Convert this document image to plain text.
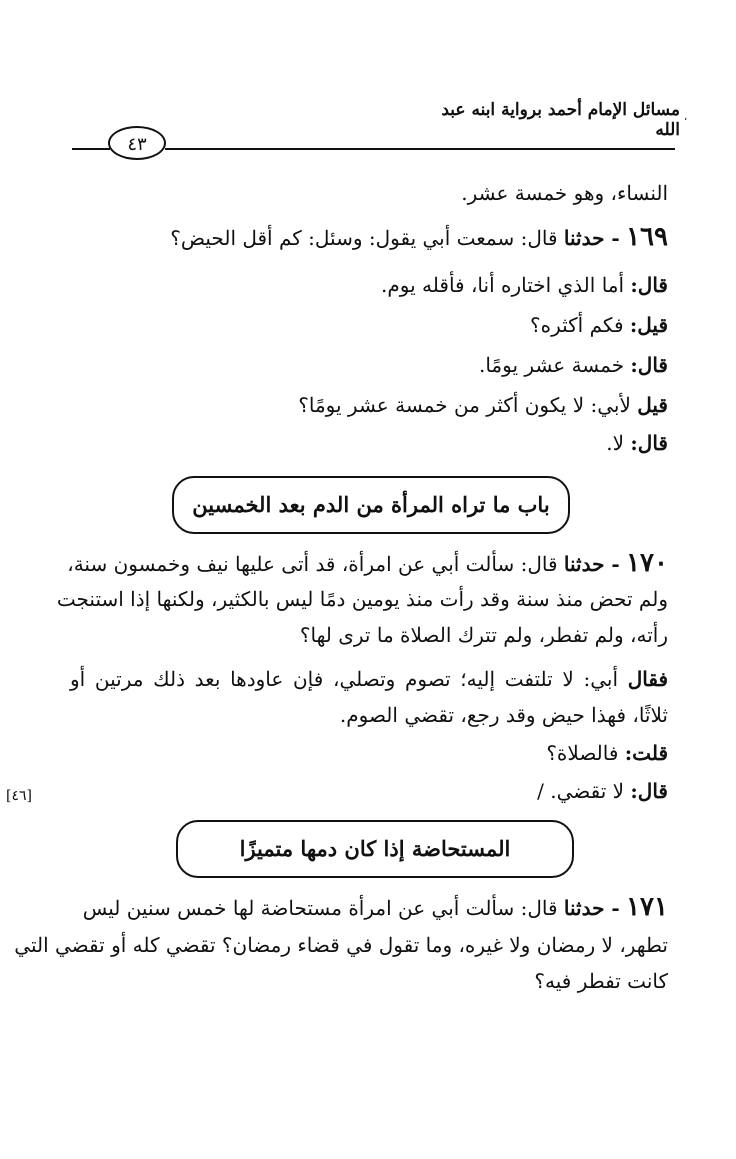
مسائل الإمام أحمد برواية ابنه عبد الله
،
٤٣
النساء، وهو خمسة عشر.
١٦٩ - حدثنا قال: سمعت أبي يقول: وسئل: كم أقل الحيض؟
قال: أما الذي اختاره أنا، فأقله يوم.
قيل: فكم أكثره؟
قال: خمسة عشر يومًا.
قيل لأبي: لا يكون أكثر من خمسة عشر يومًا؟
قال: لا.
باب ما تراه المرأة من الدم بعد الخمسين
١٧٠ - حدثنا قال: سألت أبي عن امرأة، قد أتى عليها نيف وخمسون سنة،
ولم تحض منذ سنة وقد رأت منذ يومين دمًا ليس بالكثير، ولكنها إذا استنجت
رأته، ولم تفطر، ولم تترك الصلاة ما ترى لها؟
فقال أبي: لا تلتفت إليه؛ تصوم وتصلي، فإن عاودها بعد ذلك مرتين أو
ثلاثًا، فهذا حيض وقد رجع، تقضي الصوم.
قلت: فالصلاة؟
قال: لا تقضي. /
[٤٦]
المستحاضة إذا كان دمها متميزًا
١٧١ - حدثنا قال: سألت أبي عن امرأة مستحاضة لها خمس سنين ليس
تطهر، لا رمضان ولا غيره، وما تقول في قضاء رمضان؟ تقضي كله أو تقضي التي
كانت تفطر فيه؟
